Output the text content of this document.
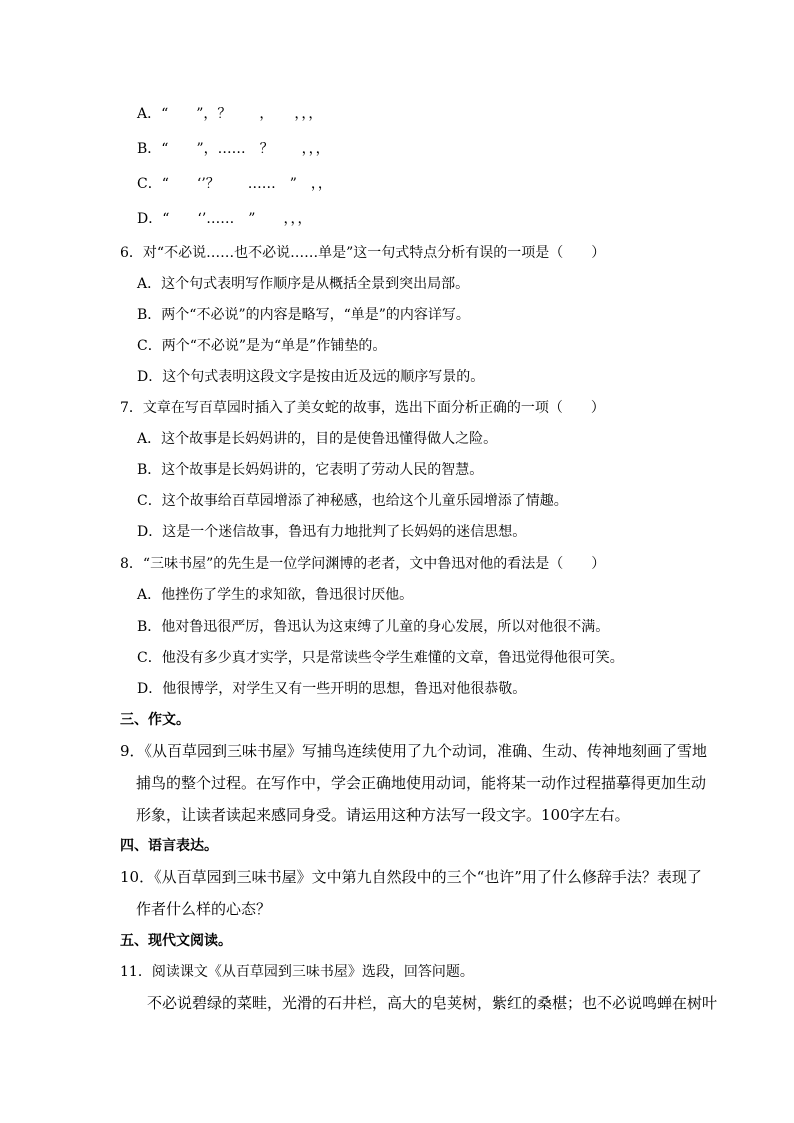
A．“　　”，？　　，　　，，，
B．“　　”，……　？　　，，，
C．“　　‘’？　　……　”　，，
D．“　　‘’……　”　　，，，
6．对“不必说……也不必说……单是”这一句式特点分析有误的一项是（　　）
A．这个句式表明写作顺序是从概括全景到突出局部。
B．两个“不必说”的内容是略写，“单是”的内容详写。
C．两个“不必说”是为“单是”作铺垫的。
D．这个句式表明这段文字是按由近及远的顺序写景的。
7．文章在写百草园时插入了美女蛇的故事，选出下面分析正确的一项（　　）
A．这个故事是长妈妈讲的，目的是使鲁迅懂得做人之险。
B．这个故事是长妈妈讲的，它表明了劳动人民的智慧。
C．这个故事给百草园增添了神秘感，也给这个儿童乐园增添了情趣。
D．这是一个迷信故事，鲁迅有力地批判了长妈妈的迷信思想。
8．“三味书屋”的先生是一位学问渊博的老者，文中鲁迅对他的看法是（　　）
A．他挫伤了学生的求知欲，鲁迅很讨厌他。
B．他对鲁迅很严厉，鲁迅认为这束缚了儿童的身心发展，所以对他很不满。
C．他没有多少真才实学，只是常读些令学生难懂的文章，鲁迅觉得他很可笑。
D．他很博学，对学生又有一些开明的思想，鲁迅对他很恭敬。
三、作文。
9．《从百草园到三味书屋》写捕鸟连续使用了九个动词，准确、生动、传神地刻画了雪地
捕鸟的整个过程。在写作中，学会正确地使用动词，能将某一动作过程描摹得更加生动
形象，让读者读起来感同身受。请运用这种方法写一段文字。100字左右。
四、语言表达。
10．《从百草园到三味书屋》文中第九自然段中的三个“也许”用了什么修辞手法？表现了
作者什么样的心态？
五、现代文阅读。
11．阅读课文《从百草园到三味书屋》选段，回答问题。
不必说碧绿的菜畦，光滑的石井栏，高大的皂荚树，紫红的桑椹；也不必说鸣蝉在树叶
